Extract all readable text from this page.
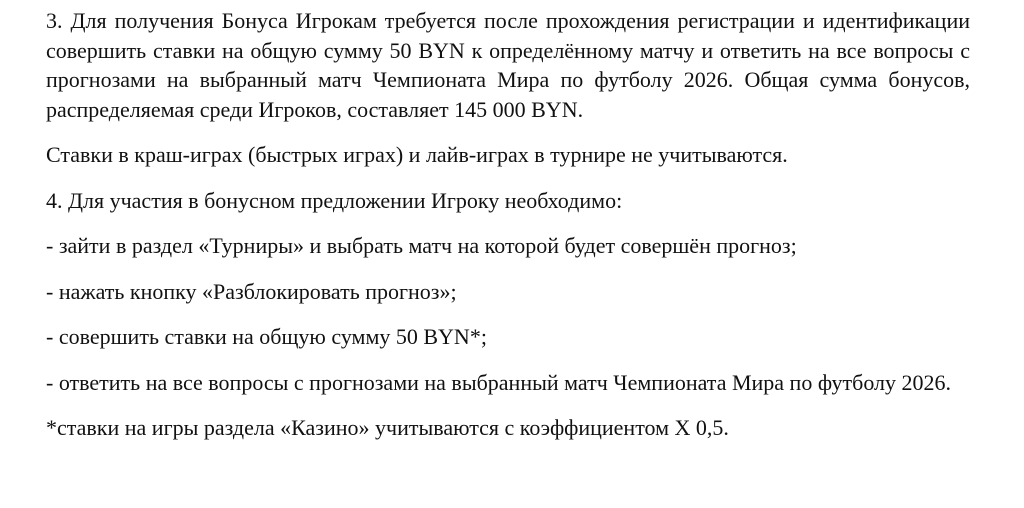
3. Для получения Бонуса Игрокам требуется после прохождения регистрации и идентификации совершить ставки на общую сумму 50 BYN к определённому матчу и ответить на все вопросы с прогнозами на выбранный матч Чемпионата Мира по футболу 2026. Общая сумма бонусов, распределяемая среди Игроков, составляет 145 000 BYN.

Ставки в краш-играх (быстрых играх) и лайв-играх в турнире не учитываются.

4. Для участия в бонусном предложении Игроку необходимо:

- зайти в раздел «Турниры» и выбрать матч на которой будет совершён прогноз;

- нажать кнопку «Разблокировать прогноз»;

- совершить ставки на общую сумму 50 BYN*;

- ответить на все вопросы с прогнозами на выбранный матч Чемпионата Мира по футболу 2026.

*ставки на игры раздела «Казино» учитываются с коэффициентом X 0,5.
